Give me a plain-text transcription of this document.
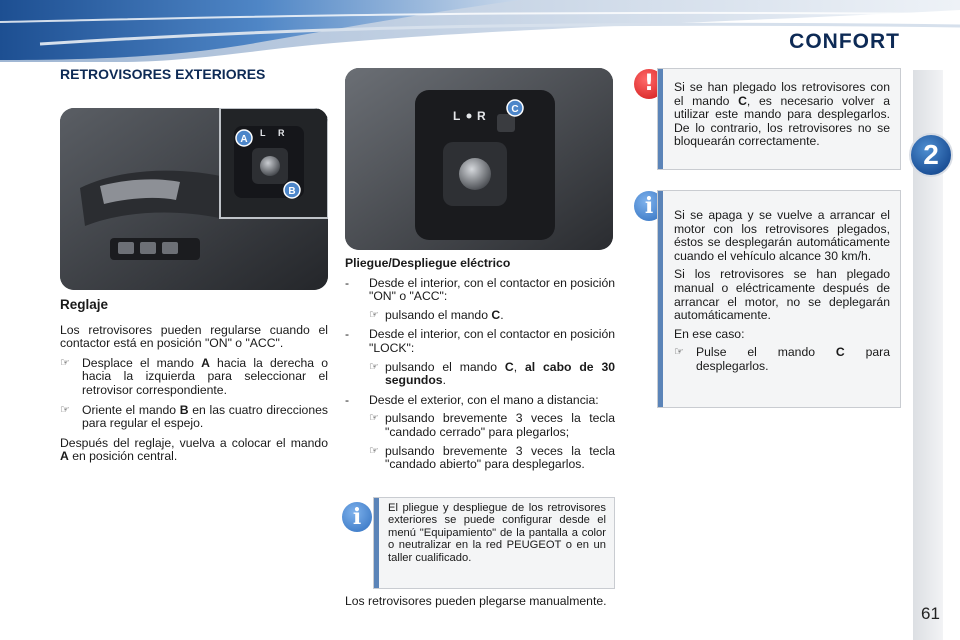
CONFORT
2
61
RETROVISORES EXTERIORES
L R
A
B
L R	C
Reglaje
Los retrovisores pueden regularse cuando el contactor está en posición "ON" o "ACC".
☞ Desplace el mando A hacia la derecha o hacia la izquierda para seleccionar el retrovisor correspondiente.
☞ Oriente el mando B en las cuatro direcciones para regular el espejo.
Después del reglaje, vuelva a colocar el mando A en posición central.
Pliegue/Despliegue eléctrico
-	Desde el interior, con el contactor en posición "ON" o "ACC":
☞ pulsando el mando C.
-	Desde el interior, con el contactor en posición "LOCK":
☞ pulsando el mando C, al cabo de 30 segundos.
-	Desde el exterior, con el mano a distancia:
☞ pulsando brevemente 3 veces la tecla "candado cerrado" para plegarlos;
☞ pulsando brevemente 3 veces la tecla "candado abierto" para desplegarlos.
i	El pliegue y despliegue de los retrovisores exteriores se puede configurar desde el menú "Equipamiento" de la pantalla a color o neutralizar en la red PEUGEOT o en un taller cualificado.
Los retrovisores pueden plegarse manualmente.
!	Si se han plegado los retrovisores con el mando C, es necesario volver a utilizar este mando para desplegarlos. De lo contrario, los retrovisores no se bloquearán correctamente.
i	Si se apaga y se vuelve a arrancar el motor con los retrovisores plegados, éstos se desplegarán automáticamente cuando el vehículo alcance 30 km/h.

Si los retrovisores se han plegado manual o eléctricamente después de arrancar el motor, no se deplegarán automáticamente.

En ese caso:

☞ Pulse el mando C para desplegarlos.
